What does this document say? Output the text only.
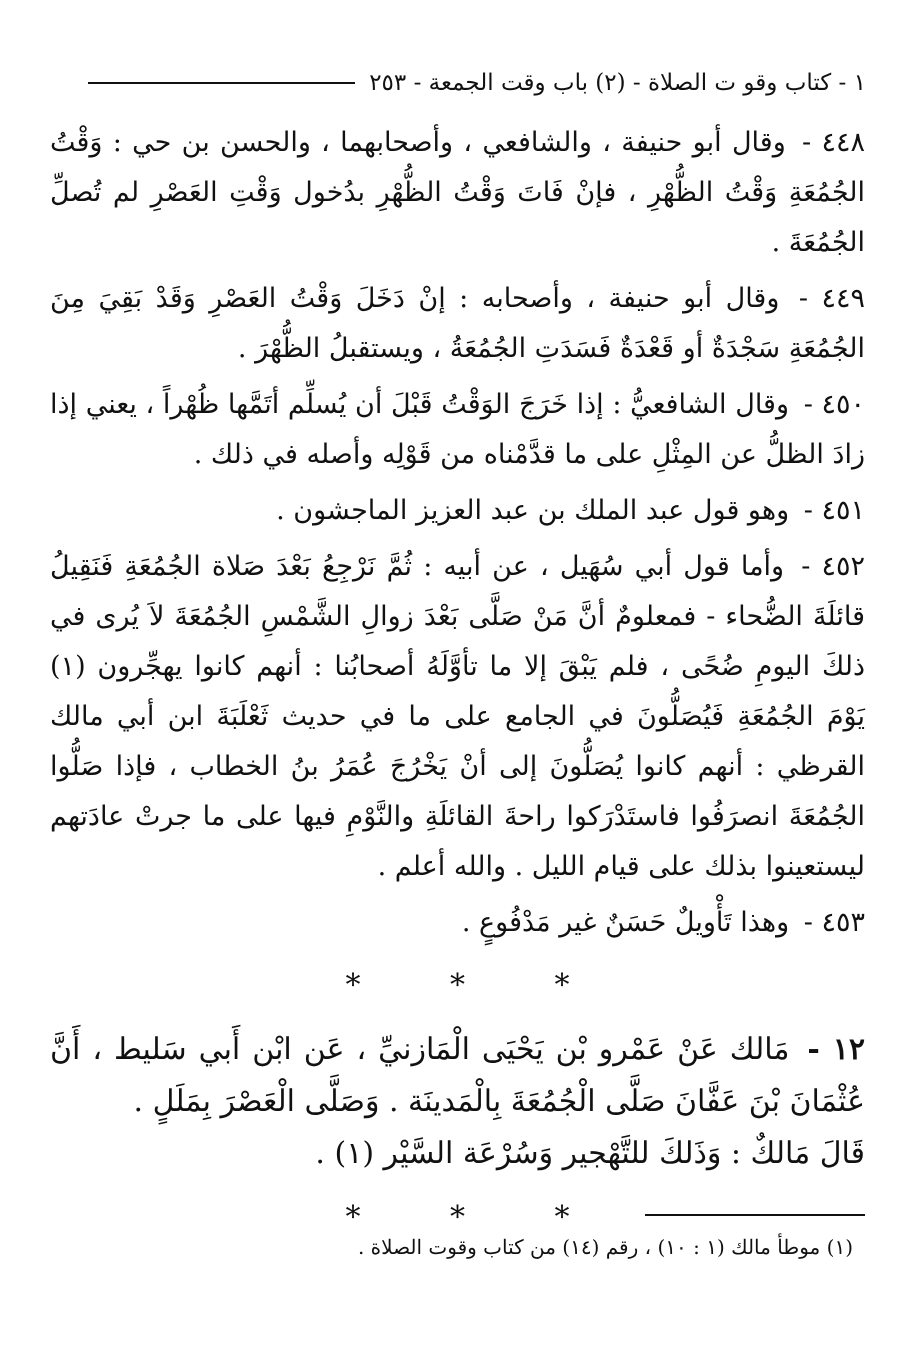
١ - كتاب وقو ت الصلاة - (٢) باب وقت الجمعة - ٢٥٣

٤٤٨ - وقال أبو حنيفة ، والشافعي ، وأصحابهما ، والحسن بن حي : وَقْتُ الجُمُعَةِ وَقْتُ الظُّهْرِ ، فإنْ فَاتَ وَقْتُ الظُّهْرِ بدُخول وَقْتِ العَصْرِ لم تُصلِّ الجُمُعَةَ .

٤٤٩ - وقال أبو حنيفة ، وأصحابه : إنْ دَخَلَ وَقْتُ العَصْرِ وَقَدْ بَقِيَ مِنَ الجُمُعَةِ سَجْدَةٌ أو قَعْدَةٌ فَسَدَتِ الجُمُعَةُ ، ويستقبلُ الظُّهْرَ .

٤٥٠ - وقال الشافعيُّ : إذا خَرَجَ الوَقْتُ قَبْلَ أن يُسلِّم أتَمَّها ظُهْراً ، يعني إذا زادَ الظلُّ عن المِثْلِ على ما قدَّمْناه من قَوْلِه وأصله في ذلك .

٤٥١ - وهو قول عبد الملك بن عبد العزيز الماجشون .

٤٥٢ - وأما قول أبي سُهَيل ، عن أبيه : ثُمَّ نَرْجِعُ بَعْدَ صَلاة الجُمُعَةِ فَنَقِيلُ قائلَةَ الضُّحاء - فمعلومٌ أنَّ مَنْ صَلَّى بَعْدَ زوالِ الشَّمْسِ الجُمُعَةَ لاَ يُرى في ذلكَ اليومِ ضُحًى ، فلم يَبْقَ إلا ما تأوَّلَهُ أصحابُنا : أنهم كانوا يهجِّرون (١) يَوْمَ الجُمُعَةِ فَيُصَلُّونَ في الجامع على ما في حديث ثَعْلَبَةَ ابن أبي مالك القرظي : أنهم كانوا يُصَلُّونَ إلى أنْ يَخْرُجَ عُمَرُ بنُ الخطاب ، فإذا صَلُّوا الجُمُعَةَ انصرَفُوا فاستَدْرَكوا راحةَ القائلَةِ والنَّوْمِ فيها على ما جرتْ عادَتهم ليستعينوا بذلك على قيام الليل . والله أعلم .

٤٥٣ - وهذا تَأْويلٌ حَسَنٌ غير مَدْفُوعٍ .

* * *

١٢ - مَالك عَنْ عَمْرو بْن يَحْيَى الْمَازنيِّ ، عَن ابْن أَبي سَليط ، أَنَّ عُثْمَانَ بْنَ عَفَّانَ صَلَّى الْجُمُعَةَ بِالْمَدينَة . وَصَلَّى الْعَصْرَ بِمَلَلٍ .

قَالَ مَالكٌ : وَذَلكَ للتَّهْجير وَسُرْعَة السَّيْر (١) .

* * *
(١) موطأ مالك (١ : ١٠) ، رقم (١٤) من كتاب وقوت الصلاة .
